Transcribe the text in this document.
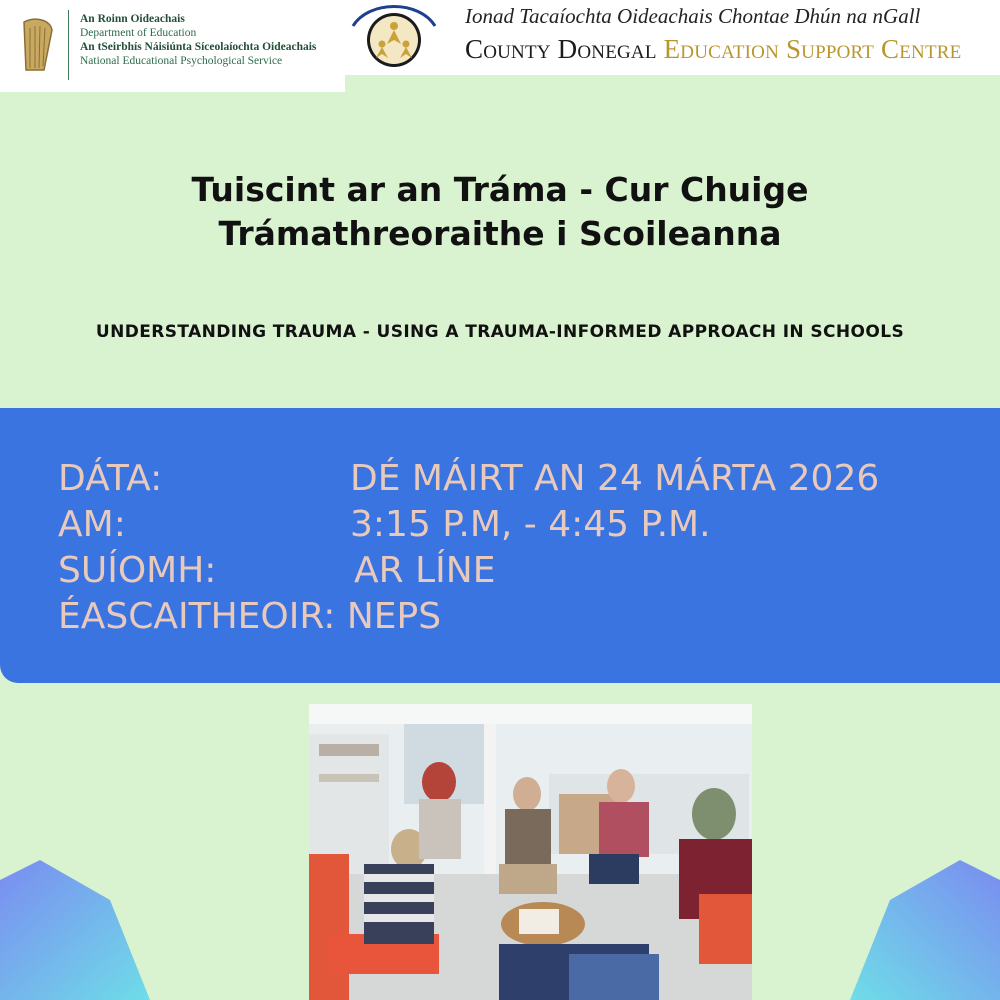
An Roinn Oideachais
Department of Education
An tSeirbhís Náisiúnta Síceolaíochta Oideachais
National Educational Psychological Service
Ionad Tacaíochta Oideachais Chontae Dhún na nGall
County Donegal Education Support Centre
Tuiscint ar an Tráma - Cur Chuige
Trámathreoraithe i Scoileanna
UNDERSTANDING TRAUMA - USING A TRAUMA-INFORMED APPROACH IN SCHOOLS
DÁTA:	DÉ MÁIRT AN 24 MÁRTA 2026
AM:	3:15 P.M, - 4:45 P.M.
SUÍOMH:	AR LÍNE
ÉASCAITHEOIR: NEPS
